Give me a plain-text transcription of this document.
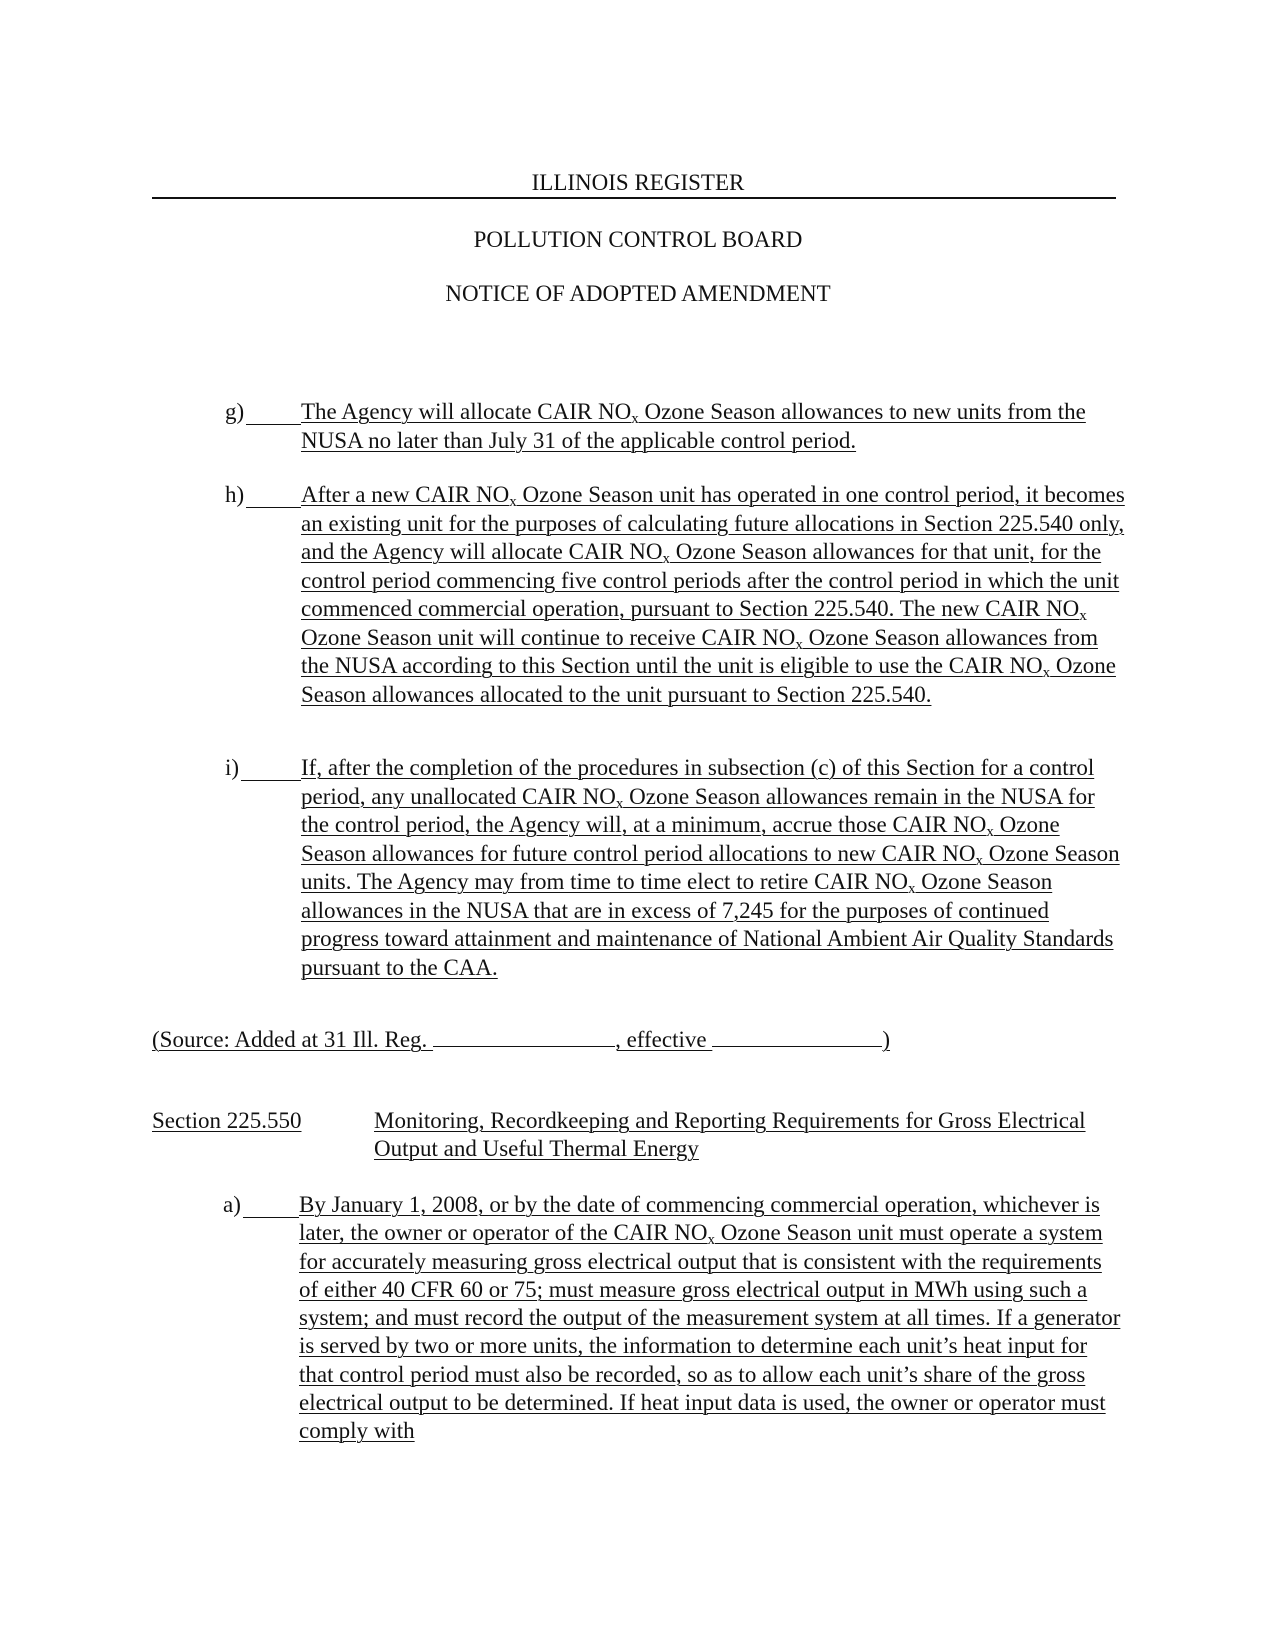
ILLINOIS REGISTER
POLLUTION CONTROL BOARD
NOTICE OF ADOPTED AMENDMENT
g)	The Agency will allocate CAIR $NO_x$ Ozone Season allowances to new units from the NUSA no later than July 31 of the applicable control period.
h)	After a new CAIR $NO_x$ Ozone Season unit has operated in one control period, it becomes an existing unit for the purposes of calculating future allocations in Section 225.540 only, and the Agency will allocate CAIR $NO_x$ Ozone Season allowances for that unit, for the control period commencing five control periods after the control period in which the unit commenced commercial operation, pursuant to Section 225.540. The new CAIR $NO_x$ Ozone Season unit will continue to receive CAIR $NO_x$ Ozone Season allowances from the NUSA according to this Section until the unit is eligible to use the CAIR $NO_x$ Ozone Season allowances allocated to the unit pursuant to Section 225.540.
i)	If, after the completion of the procedures in subsection (c) of this Section for a control period, any unallocated CAIR $NO_x$ Ozone Season allowances remain in the NUSA for the control period, the Agency will, at a minimum, accrue those CAIR $NO_x$ Ozone Season allowances for future control period allocations to new CAIR $NO_x$ Ozone Season units. The Agency may from time to time elect to retire CAIR $NO_x$ Ozone Season allowances in the NUSA that are in excess of 7,245 for the purposes of continued progress toward attainment and maintenance of National Ambient Air Quality Standards pursuant to the CAA.
(Source: Added at 31 Ill. Reg.	, effective	)
Section 225.550	Monitoring, Recordkeeping and Reporting Requirements for Gross Electrical Output and Useful Thermal Energy
a)	By January 1, 2008, or by the date of commencing commercial operation, whichever is later, the owner or operator of the CAIR $NO_x$ Ozone Season unit must operate a system for accurately measuring gross electrical output that is consistent with the requirements of either 40 CFR 60 or 75; must measure gross electrical output in MWh using such a system; and must record the output of the measurement system at all times. If a generator is served by two or more units, the information to determine each unit’s heat input for that control period must also be recorded, so as to allow each unit’s share of the gross electrical output to be determined. If heat input data is used, the owner or operator must comply with
